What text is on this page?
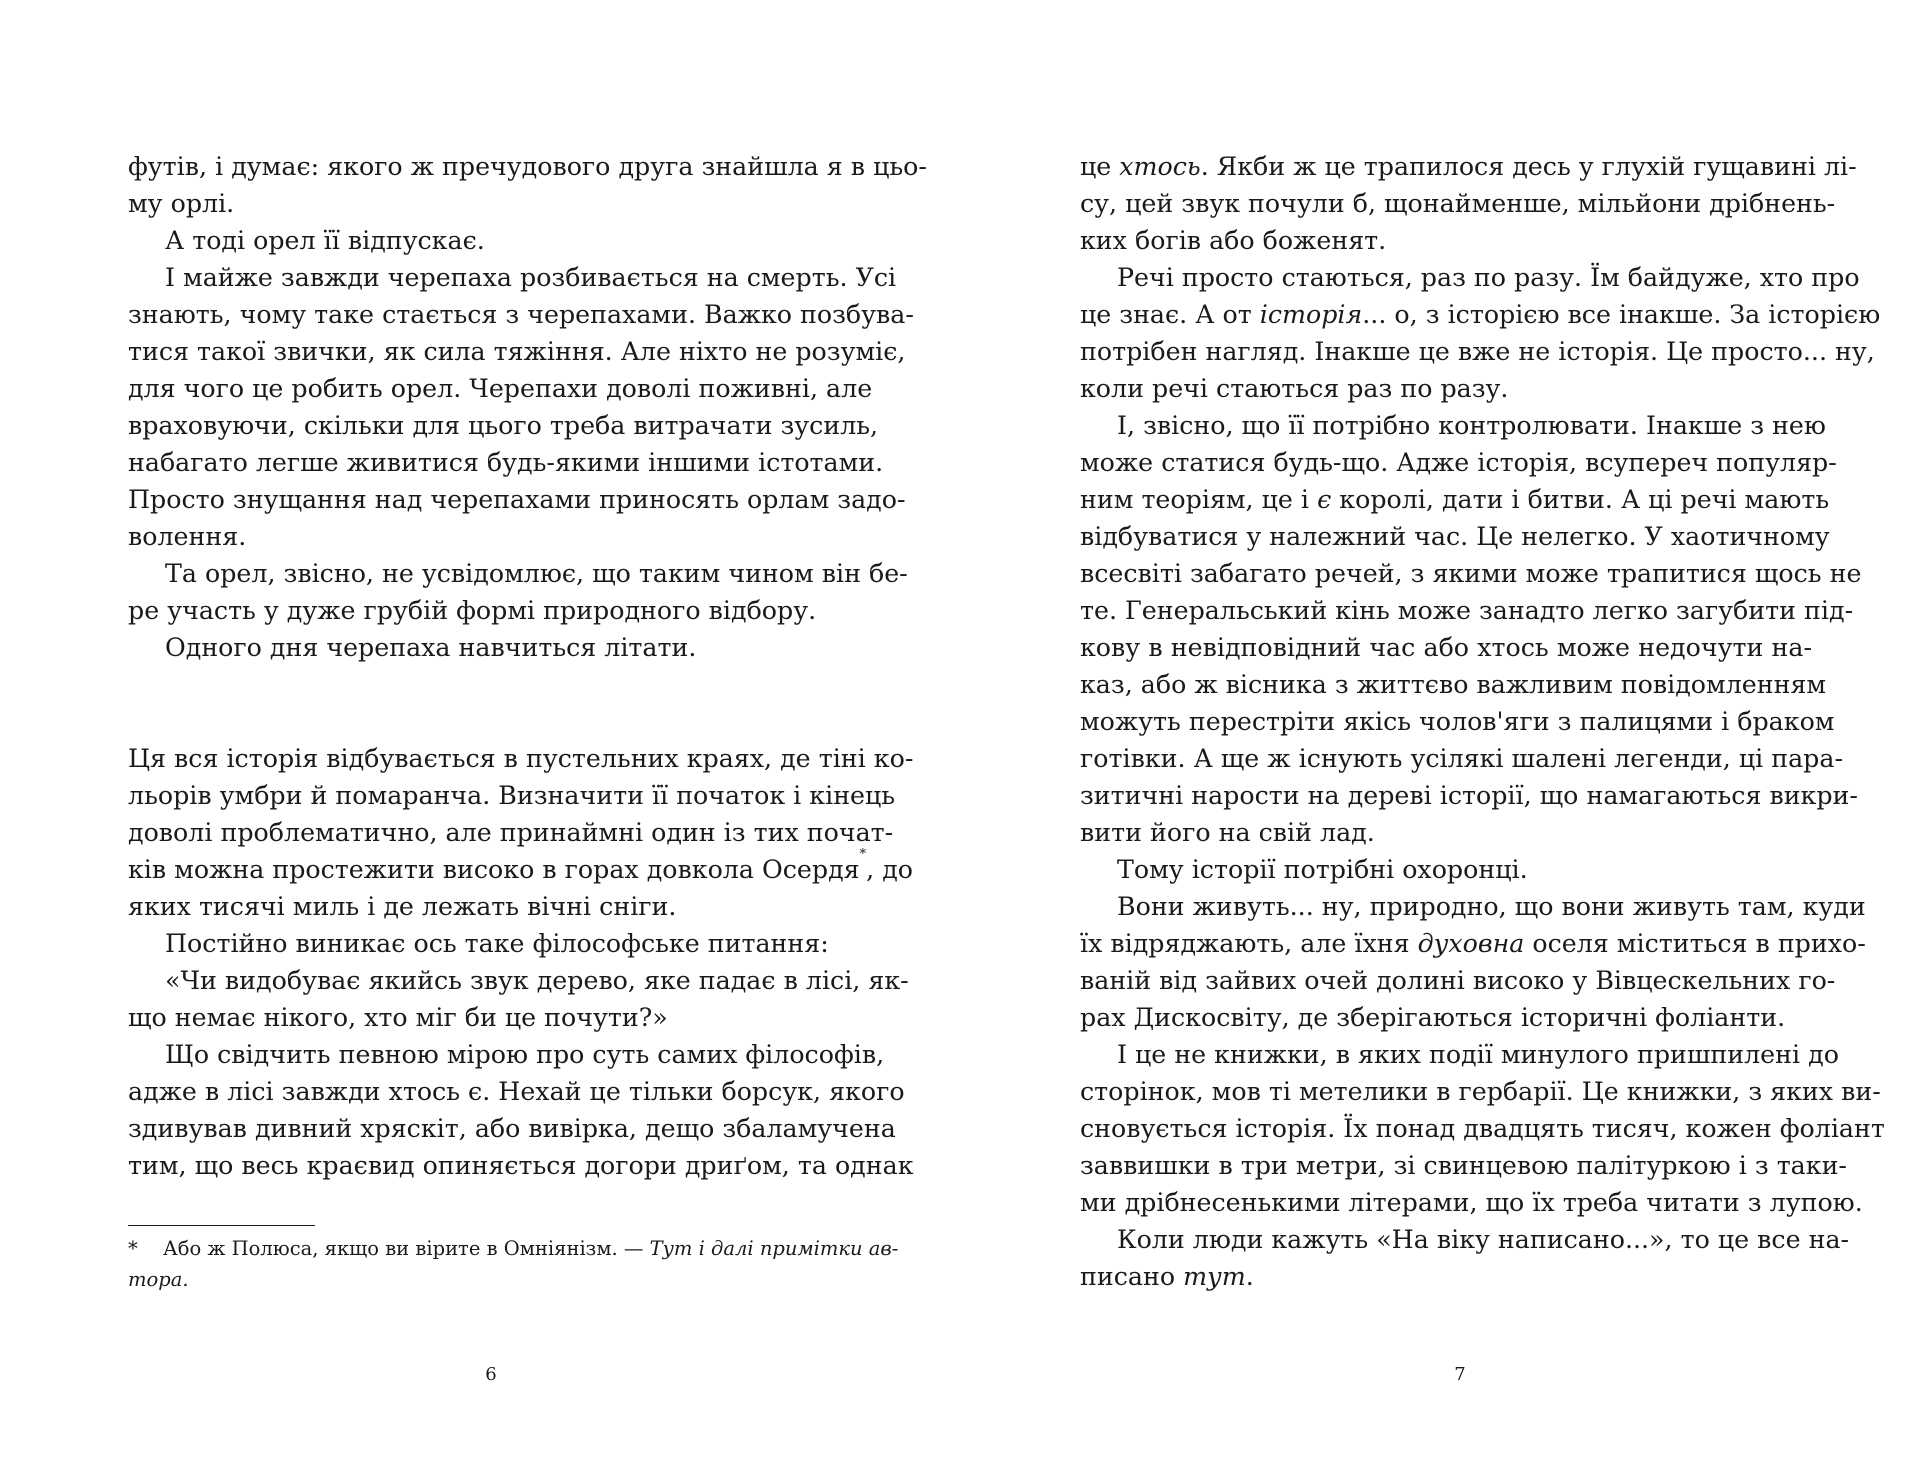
футів, і думає: якого ж пречудового друга знайшла я в цьо-
му орлі.
А тоді орел її відпускає.
І майже завжди черепаха розбивається на смерть. Усі
знають, чому таке стається з черепахами. Важко позбува-
тися такої звички, як сила тяжіння. Але ніхто не розуміє,
для чого це робить орел. Черепахи доволі поживні, але
враховуючи, скільки для цього треба витрачати зусиль,
набагато легше живитися будь-якими іншими істотами.
Просто знущання над черепахами приносять орлам задо-
волення.
Та орел, звісно, не усвідомлює, що таким чином він бе-
ре участь у дуже грубій формі природного відбору.
Одного дня черепаха навчиться літати.
Ця вся історія відбувається в пустельних краях, де тіні ко-
льорів умбри й помаранча. Визначити її початок і кінець
доволі проблематично, але принаймні один із тих почат-
ків можна простежити високо в горах довкола Осердя*, до
яких тисячі миль і де лежать вічні сніги.
Постійно виникає ось таке філософське питання:
«Чи видобуває якийсь звук дерево, яке падає в лісі, як-
що немає нікого, хто міг би це почути?»
Що свідчить певною мірою про суть самих філософів,
адже в лісі завжди хтось є. Нехай це тільки борсук, якого
здивував дивний хряскіт, або вивірка, дещо збаламучена
тим, що весь краєвид опиняється догори дриґом, та однак
* Або ж Полюса, якщо ви вірите в Омніянізм. — Тут і далі примітки ав-
тора.
6
це хтось. Якби ж це трапилося десь у глухій гущавині лі-
су, цей звук почули б, щонайменше, мільйони дрібнень-
ких богів або боженят.
Речі просто стаються, раз по разу. Їм байдуже, хто про
це знає. А от історія... о, з історією все інакше. За історією
потрібен нагляд. Інакше це вже не історія. Це просто... ну,
коли речі стаються раз по разу.
І, звісно, що її потрібно контролювати. Інакше з нею
може статися будь-що. Адже історія, всупереч популяр-
ним теоріям, це і є королі, дати і битви. А ці речі мають
відбуватися у належний час. Це нелегко. У хаотичному
всесвіті забагато речей, з якими може трапитися щось не
те. Генеральський кінь може занадто легко загубити під-
кову в невідповідний час або хтось може недочути на-
каз, або ж вісника з життєво важливим повідомленням
можуть перестріти якісь чолов'яги з палицями і браком
готівки. А ще ж існують усілякі шалені легенди, ці пара-
зитичні нарости на дереві історії, що намагаються викри-
вити його на свій лад.
Тому історії потрібні охоронці.
Вони живуть... ну, природно, що вони живуть там, куди
їх відряджають, але їхня духовна оселя міститься в прихо-
ваній від зайвих очей долині високо у Вівцескельних го-
рах Дискосвіту, де зберігаються історичні фоліанти.
І це не книжки, в яких події минулого пришпилені до
сторінок, мов ті метелики в гербарії. Це книжки, з яких ви-
сновується історія. Їх понад двадцять тисяч, кожен фоліант
заввишки в три метри, зі свинцевою палітуркою і з таки-
ми дрібнесенькими літерами, що їх треба читати з лупою.
Коли люди кажуть «На віку написано...», то це все на-
писано тут.
7
